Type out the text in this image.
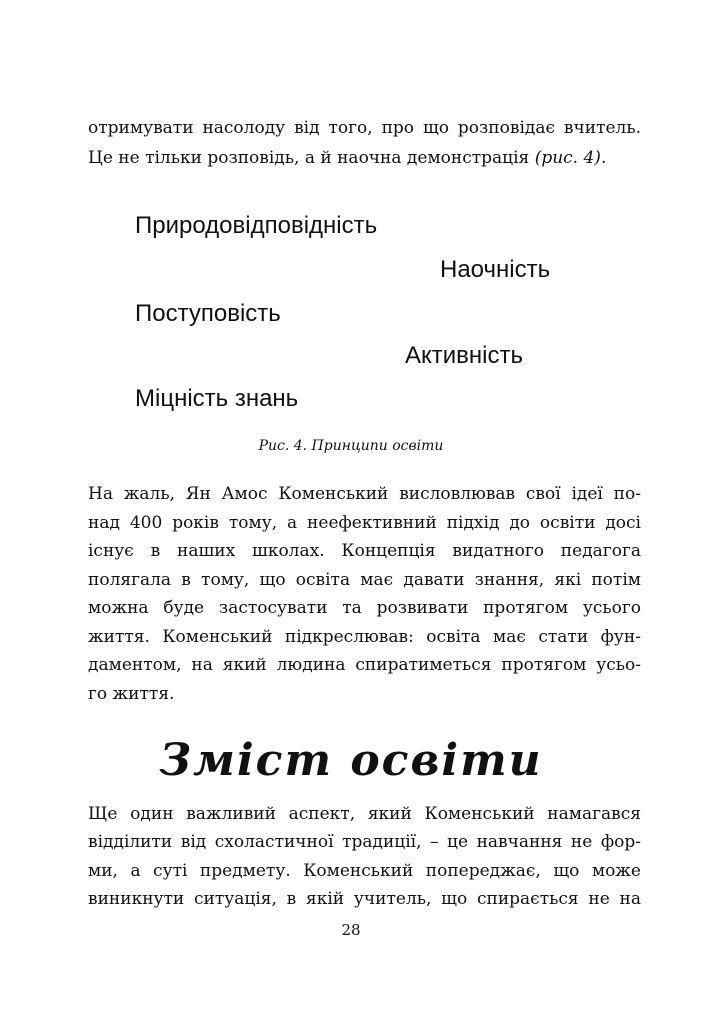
отримувати насолоду від того, про що розповідає вчитель.
Це не тільки розповідь, а й наочна демонстрація (рис. 4).
Природовідповідність
Наочність
Поступовість
Активність
Міцність знань
Рис. 4. Принципи освіти
На жаль, Ян Амос Коменський висловлював свої ідеї по-
над 400 років тому, а неефективний підхід до освіти досі
існує в наших школах. Концепція видатного педагога
полягала в тому, що освіта має давати знання, які потім
можна буде застосувати та розвивати протягом усього
життя. Коменський підкреслював: освіта має стати фун-
даментом, на який людина спиратиметься протягом усьо-
го життя.
Зміст освіти
Ще один важливий аспект, який Коменський намагався
відділити від схоластичної традиції, – це навчання не фор-
ми, а суті предмету. Коменський попереджає, що може
виникнути ситуація, в якій учитель, що спирається не на
28
